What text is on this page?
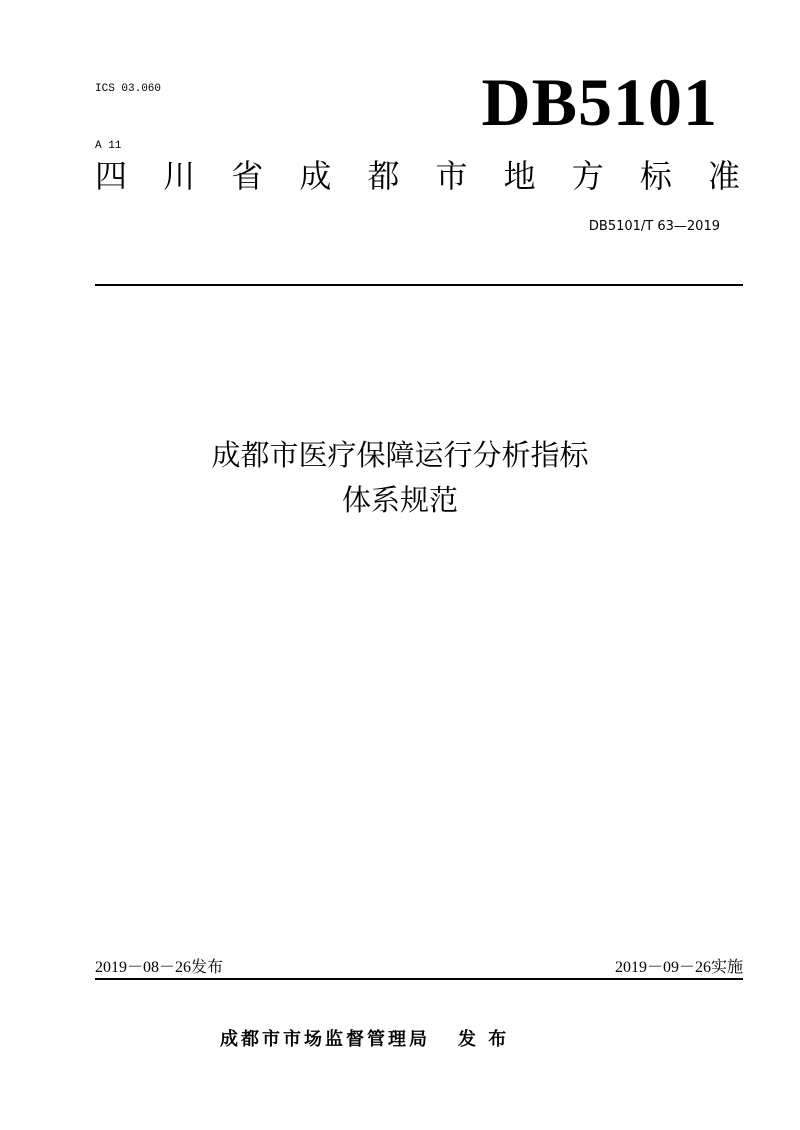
ICS 03.060

A 11

DB5101
四 川 省 成 都 市 地 方 标 准
DB5101/T 63—2019
成都市医疗保障运行分析指标
体系规范
2019－08－26发布	2019－09－26实施
成都市市场监督管理局 发 布
